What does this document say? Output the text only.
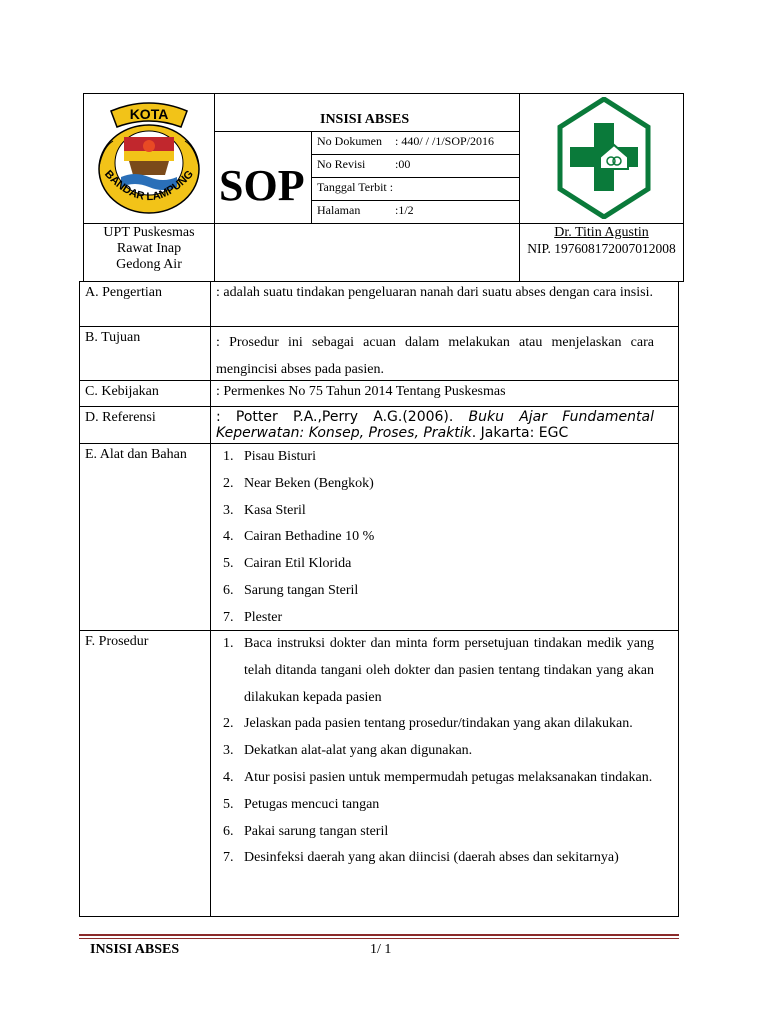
KOTA
BANDAR LAMPUNG SOP
INSISI ABSES
No Dokumen : 440/ / /1/SOP/2016
No Revisi :00
Tanggal Terbit :
Halaman	:1/2
UPT Puskesmas
Rawat Inap
Gedong Air
Dr. Titin Agustin
NIP. 197608172007012008
A. Pengertian	: adalah suatu tindakan pengeluaran nanah dari suatu abses dengan cara insisi.
B. Tujuan	: Prosedur ini sebagai acuan dalam melakukan atau menjelaskan cara mengincisi abses pada pasien.
C. Kebijakan	: Permenkes No 75 Tahun 2014 Tentang Puskesmas
D. Referensi	: Potter P.A.,Perry A.G.(2006). Buku Ajar Fundamental Keperwatan: Konsep, Proses, Praktik. Jakarta: EGC
E. Alat dan Bahan	1. Pisau Bisturi
2. Near Beken (Bengkok)
3. Kasa Steril
4. Cairan Bethadine 10 %
5. Cairan Etil Klorida
6. Sarung tangan Steril
7. Plester
F. Prosedur	1. Baca instruksi dokter dan minta form persetujuan tindakan medik yang telah ditanda tangani oleh dokter dan pasien tentang tindakan yang akan dilakukan kepada pasien
2. Jelaskan pada pasien tentang prosedur/tindakan yang akan dilakukan.
3. Dekatkan alat-alat yang akan digunakan.
4. Atur posisi pasien untuk mempermudah petugas melaksanakan tindakan.
5. Petugas mencuci tangan
6. Pakai sarung tangan steril
7. Desinfeksi daerah yang akan diincisi (daerah abses dan sekitarnya)
INSISI ABSES	1/ 1
